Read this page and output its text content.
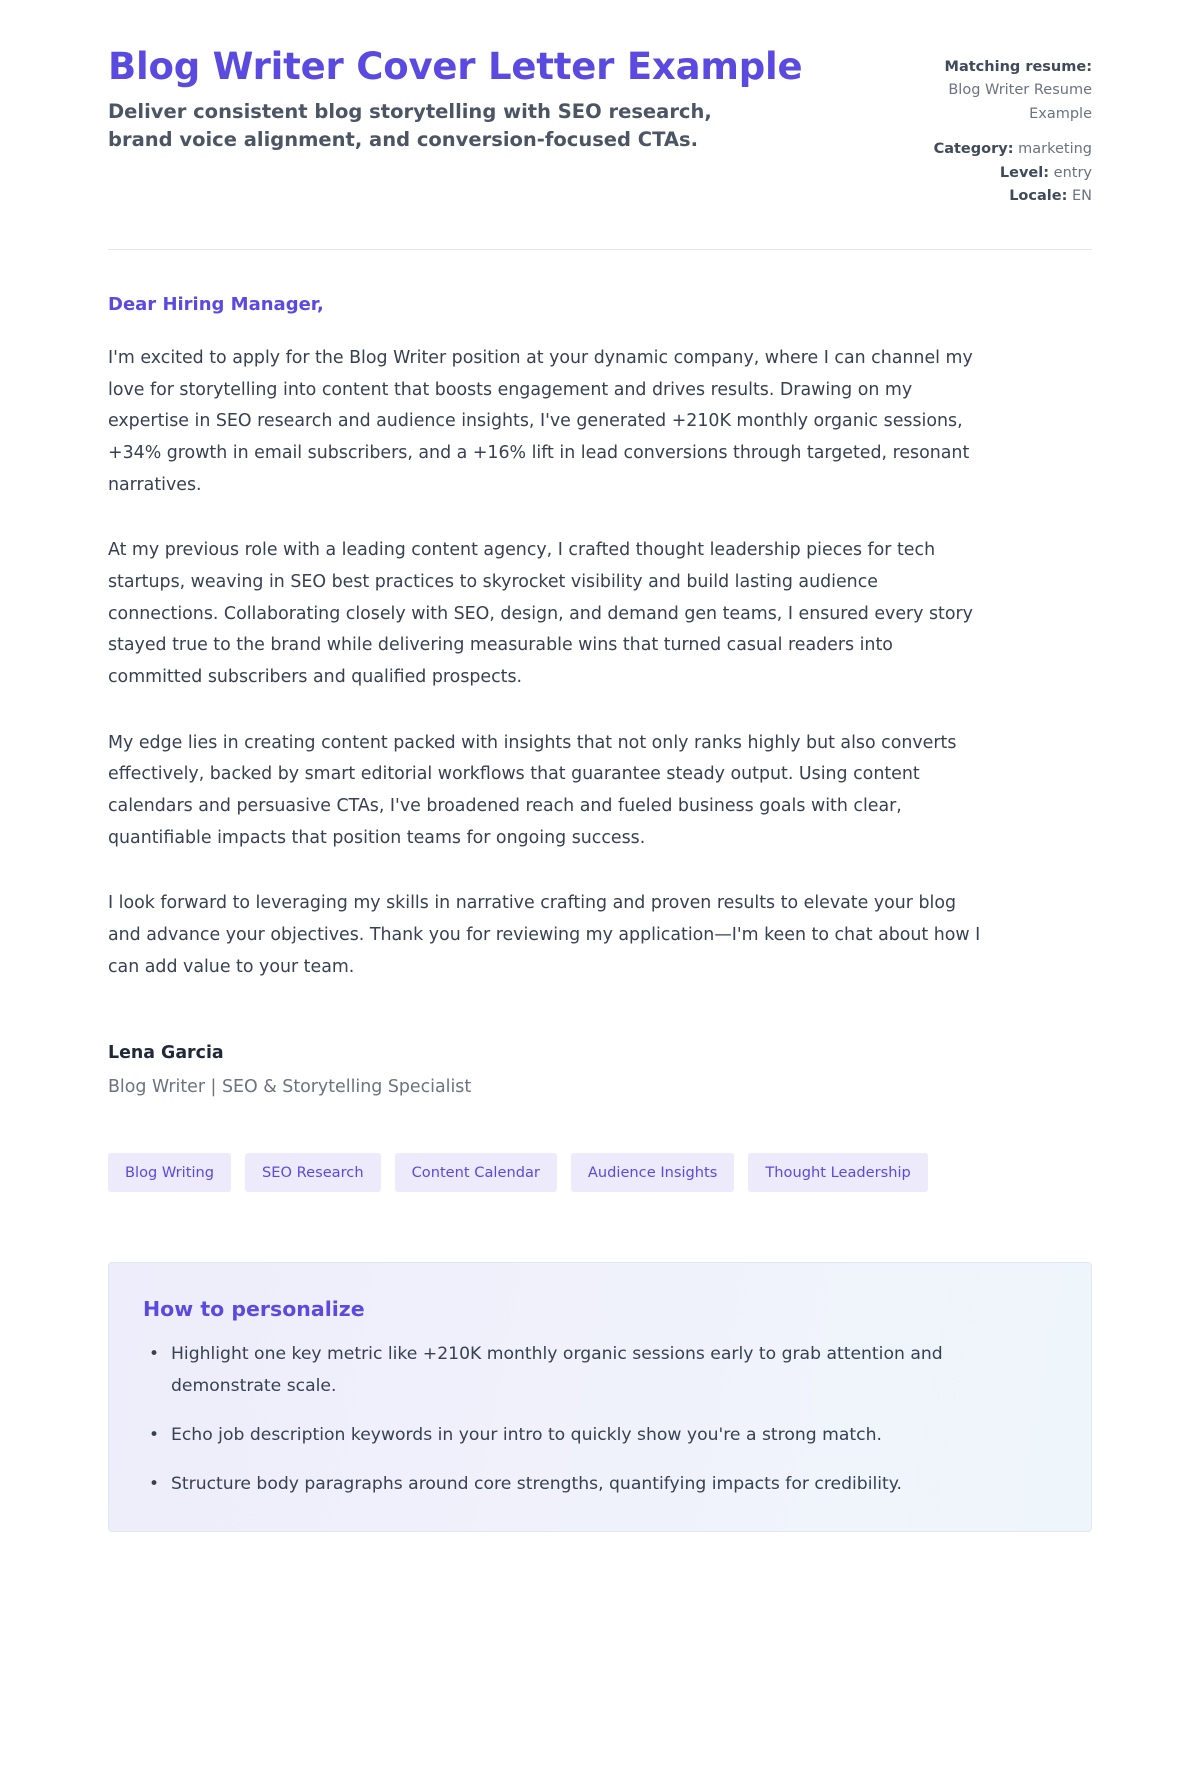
Blog Writer Cover Letter Example

Deliver consistent blog storytelling with SEO research, brand voice alignment, and conversion-focused CTAs.

Matching resume:
Blog Writer Resume Example
Category: marketing
Level: entry
Locale: EN

Dear Hiring Manager,

I'm excited to apply for the Blog Writer position at your dynamic company, where I can channel my love for storytelling into content that boosts engagement and drives results. Drawing on my expertise in SEO research and audience insights, I've generated +210K monthly organic sessions, +34% growth in email subscribers, and a +16% lift in lead conversions through targeted, resonant narratives.

At my previous role with a leading content agency, I crafted thought leadership pieces for tech startups, weaving in SEO best practices to skyrocket visibility and build lasting audience connections. Collaborating closely with SEO, design, and demand gen teams, I ensured every story stayed true to the brand while delivering measurable wins that turned casual readers into committed subscribers and qualified prospects.

My edge lies in creating content packed with insights that not only ranks highly but also converts effectively, backed by smart editorial workflows that guarantee steady output. Using content calendars and persuasive CTAs, I've broadened reach and fueled business goals with clear, quantifiable impacts that position teams for ongoing success.

I look forward to leveraging my skills in narrative crafting and proven results to elevate your blog and advance your objectives. Thank you for reviewing my application—I'm keen to chat about how I can add value to your team.

Lena Garcia

Blog Writer | SEO & Storytelling Specialist

Blog Writing	SEO Research	Content Calendar	Audience Insights	Thought Leadership
How to personalize
• Highlight one key metric like +210K monthly organic sessions early to grab attention and demonstrate scale.
• Echo job description keywords in your intro to quickly show you're a strong match.
• Structure body paragraphs around core strengths, quantifying impacts for credibility.
